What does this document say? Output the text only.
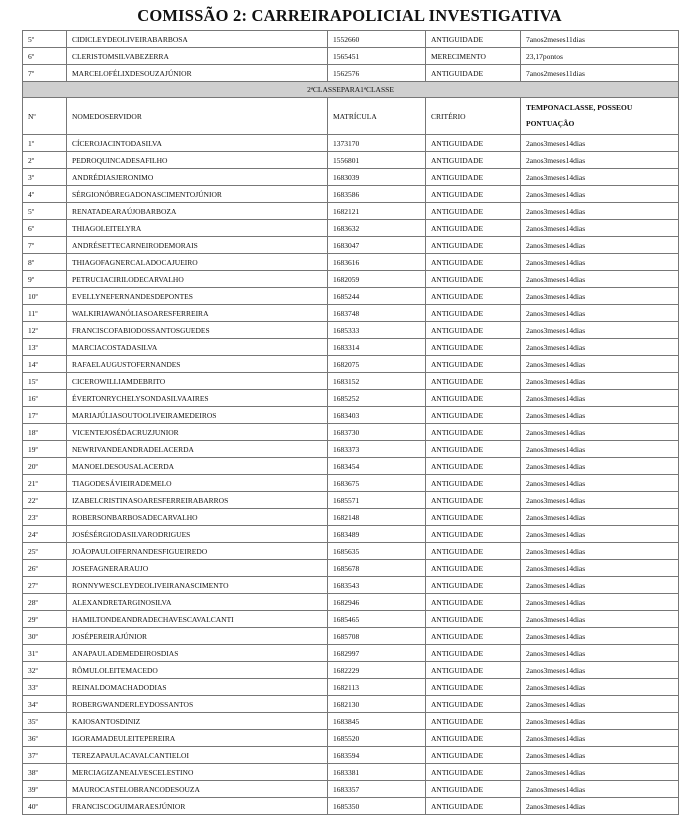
COMISSÃO 2: CARREIRAPOLICIAL INVESTIGATIVA
5º	CIDICLEYDEOLIVEIRABARBOSA	1552660	ANTIGUIDADE	7anos2meses11dias
6º	CLERISTOMSILVABEZERRA	1565451	MERECIMENTO	23,17pontos
7º	MARCELOFÉLIXDESOUZAJÚNIOR	1562576	ANTIGUIDADE	7anos2meses11dias
2ªCLASSEPARA1ªCLASSE				
Nº	NOMEDOSERVIDOR	MATRÍCULA	CRITÉRIO	TEMPONACLASSE, POSSEOU PONTUAÇÃO
1º	CÍCEROJACINTODASILVA	1373170	ANTIGUIDADE	2anos3meses14dias
2º	PEDROQUINCADESAFILHO	1556801	ANTIGUIDADE	2anos3meses14dias
3º	ANDRÉDIASJERONIMO	1683039	ANTIGUIDADE	2anos3meses14dias
4º	SÉRGIONÓBREGADONASCIMENTOJÚNIOR	1683586	ANTIGUIDADE	2anos3meses14dias
5º	RENATADEARAÚJOBARBOZA	1682121	ANTIGUIDADE	2anos3meses14dias
6º	THIAGOLEITELYRA	1683632	ANTIGUIDADE	2anos3meses14dias
7º	ANDRÉSETTECARNEIRODEMORAIS	1683047	ANTIGUIDADE	2anos3meses14dias
8º	THIAGOFAGNERCALADOCAJUEIRO	1683616	ANTIGUIDADE	2anos3meses14dias
9º	PETRUCIACIRILODECARVALHO	1682059	ANTIGUIDADE	2anos3meses14dias
10º	EVELLYNEFERNANDESDEPONTES	1685244	ANTIGUIDADE	2anos3meses14dias
11º	WALKIRIAWANÓLIASOARESFERREIRA	1683748	ANTIGUIDADE	2anos3meses14dias
12º	FRANCISCOFABIODOSSANTOSGUEDES	1685333	ANTIGUIDADE	2anos3meses14dias
13º	MARCIACOSTADASILVA	1683314	ANTIGUIDADE	2anos3meses14dias
14º	RAFAELAUGUSTOFERNANDES	1682075	ANTIGUIDADE	2anos3meses14dias
15º	CICEROWILLIAMDEBRITO	1683152	ANTIGUIDADE	2anos3meses14dias
16º	ÉVERTONRYCHELYSONDASILVAAIRES	1685252	ANTIGUIDADE	2anos3meses14dias
17º	MARIAJÚLIASOUTOOLIVEIRAMEDEIROS	1683403	ANTIGUIDADE	2anos3meses14dias
18º	VICENTEJOSÉDACRUZJUNIOR	1683730	ANTIGUIDADE	2anos3meses14dias
19º	NEWRIVANDEANDRADELACERDA	1683373	ANTIGUIDADE	2anos3meses14dias
20º	MANOELDESOUSALACERDA	1683454	ANTIGUIDADE	2anos3meses14dias
21º	TIAGODESÁVIEIRADEMELO	1683675	ANTIGUIDADE	2anos3meses14dias
22º	IZABELCRISTINASOARESFERREIRABARROS	1685571	ANTIGUIDADE	2anos3meses14dias
23º	ROBERSONBARBOSADECARVALHO	1682148	ANTIGUIDADE	2anos3meses14dias
24º	JOSÉSÉRGIODASILVARODRIGUES	1683489	ANTIGUIDADE	2anos3meses14dias
25º	JOÃOPAULOIFERNANDESFIGUEIREDO	1685635	ANTIGUIDADE	2anos3meses14dias
26º	JOSEFAGNERARAUJO	1685678	ANTIGUIDADE	2anos3meses14dias
27º	RONNYWESCLEYDEOLIVEIRANASCIMENTO	1683543	ANTIGUIDADE	2anos3meses14dias
28º	ALEXANDRETARGINOSILVA	1682946	ANTIGUIDADE	2anos3meses14dias
29º	HAMILTONDEANDRADECHAVESCAVALCANTI	1685465	ANTIGUIDADE	2anos3meses14dias
30º	JOSÉPEREIRAJÚNIOR	1685708	ANTIGUIDADE	2anos3meses14dias
31º	ANAPAULADEMEDEIROSDIAS	1682997	ANTIGUIDADE	2anos3meses14dias
32º	RÔMULOLEITEMACEDO	1682229	ANTIGUIDADE	2anos3meses14dias
33º	REINALDOMACHADODIAS	1682113	ANTIGUIDADE	2anos3meses14dias
34º	ROBERGWANDERLEYDOSSANTOS	1682130	ANTIGUIDADE	2anos3meses14dias
35º	KAIOSANTOSDINIZ	1683845	ANTIGUIDADE	2anos3meses14dias
36º	IGORAMADEULEITEPEREIRA	1685520	ANTIGUIDADE	2anos3meses14dias
37º	TEREZAPAULACAVALCANTIELOI	1683594	ANTIGUIDADE	2anos3meses14dias
38º	MERCIAGIZANEALVESCELESTINO	1683381	ANTIGUIDADE	2anos3meses14dias
39º	MAUROCASTELOBRANCODESOUZA	1683357	ANTIGUIDADE	2anos3meses14dias
40º	FRANCISCOGUIMARAESJÚNIOR	1685350	ANTIGUIDADE	2anos3meses14dias
